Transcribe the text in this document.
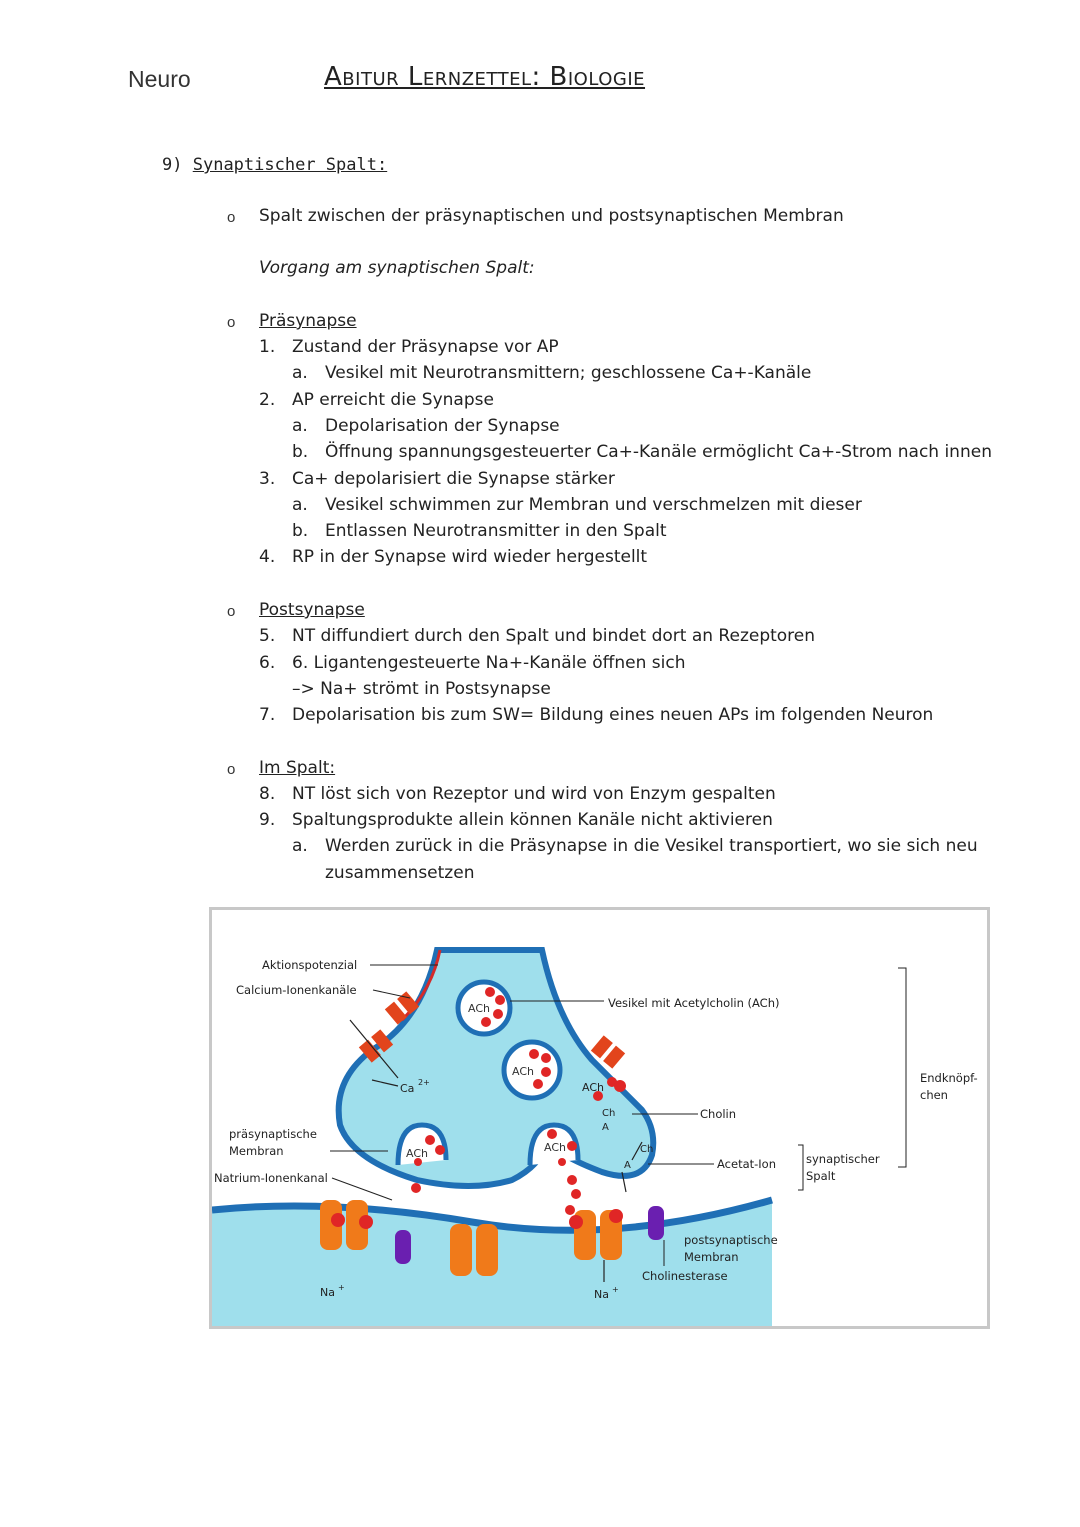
Neuro	Abitur Lernzettel: Biologie
9) Synaptischer Spalt:
o Spalt zwischen der präsynaptischen und postsynaptischen Membran
Vorgang am synaptischen Spalt:
o Präsynapse
1. Zustand der Präsynapse vor AP
a. Vesikel mit Neurotransmittern; geschlossene Ca+-Kanäle
2. AP erreicht die Synapse
a. Depolarisation der Synapse
b. Öffnung spannungsgesteuerter Ca+-Kanäle ermöglicht Ca+-Strom nach innen
3. Ca+ depolarisiert die Synapse stärker
a. Vesikel schwimmen zur Membran und verschmelzen mit dieser
b. Entlassen Neurotransmitter in den Spalt
4. RP in der Synapse wird wieder hergestellt
o Postsynapse
5. NT diffundiert durch den Spalt und bindet dort an Rezeptoren
6. 6. Ligantengesteuerte Na+-Kanäle öffnen sich
–> Na+ strömt in Postsynapse
7. Depolarisation bis zum SW= Bildung eines neuen APs im folgenden Neuron
o Im Spalt:
8. NT löst sich von Rezeptor und wird von Enzym gespalten
9. Spaltungsprodukte allein können Kanäle nicht aktivieren
a. Werden zurück in die Präsynapse in die Vesikel transportiert, wo sie sich neu
zusammensetzen
ACh
ACh
ACh	ACh
Aktionspotenzial
Calcium-Ionenkanäle
Vesikel mit Acetylcholin (ACh)
Ca 2+	ACh
Ch
A
Ch
A
Cholin
präsynaptische
Membran
Natrium-Ionenkanal
Acetat-Ion	synaptischer
Spalt
Endknöpf-
chen
postsynaptische
Membran
Cholinesterase
Na +
Na +
